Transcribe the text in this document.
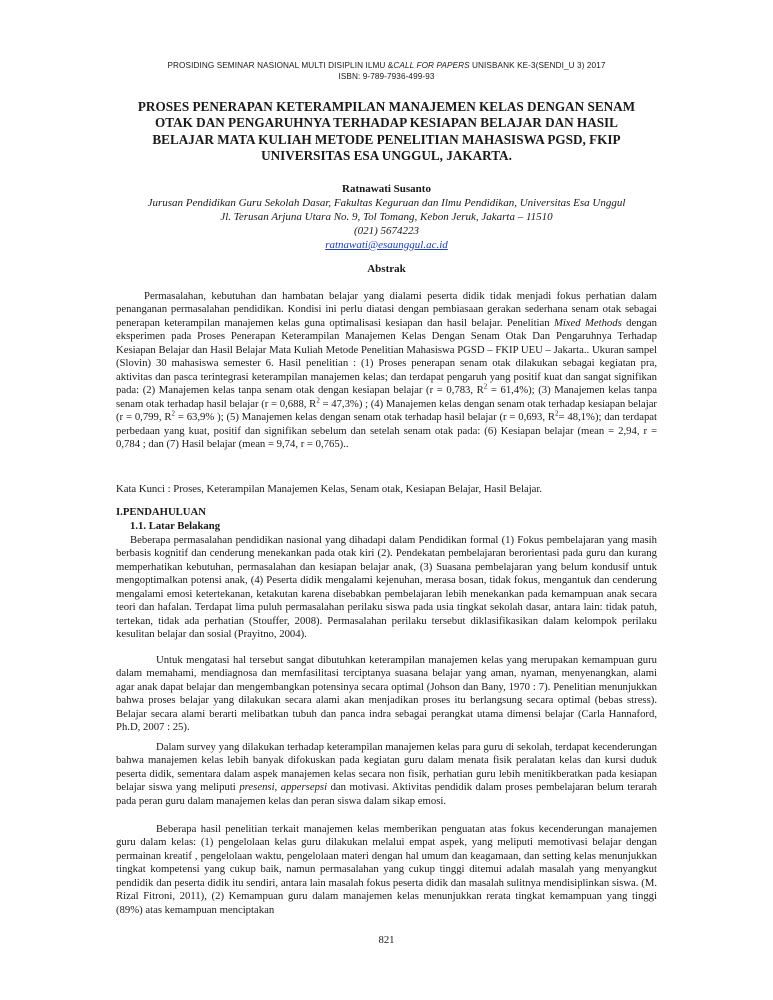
PROSIDING SEMINAR NASIONAL MULTI DISIPLIN ILMU &CALL FOR PAPERS UNISBANK KE-3(SENDI_U 3) 2017
ISBN: 9-789-7936-499-93
PROSES PENERAPAN KETERAMPILAN MANAJEMEN KELAS DENGAN SENAM
OTAK DAN PENGARUHNYA TERHADAP KESIAPAN BELAJAR DAN HASIL
BELAJAR MATA KULIAH METODE PENELITIAN MAHASISWA PGSD, FKIP
UNIVERSITAS ESA UNGGUL, JAKARTA.
Ratnawati Susanto
Jurusan Pendidikan Guru Sekolah Dasar, Fakultas Keguruan dan Ilmu Pendidikan, Universitas Esa Unggul
Jl. Terusan Arjuna Utara No. 9, Tol Tomang, Kebon Jeruk, Jakarta – 11510
(021) 5674223
ratnawati@esaunggul.ac.id
Abstrak
Permasalahan, kebutuhan dan hambatan belajar yang dialami peserta didik tidak menjadi fokus perhatian dalam penanganan permasalahan pendidikan. Kondisi ini perlu diatasi dengan pembiasaan gerakan sederhana senam otak sebagai penerapan keterampilan manajemen kelas guna optimalisasi kesiapan dan hasil belajar. Penelitian Mixed Methods dengan eksperimen pada Proses Penerapan Keterampilan Manajemen Kelas Dengan Senam Otak Dan Pengaruhnya Terhadap Kesiapan Belajar dan Hasil Belajar Mata Kuliah Metode Penelitian Mahasiswa PGSD – FKIP UEU – Jakarta.. Ukuran sampel (Slovin) 30 mahasiswa semester 6. Hasil penelitian : (1) Proses penerapan senam otak dilakukan sebagai kegiatan pra, aktivitas dan pasca terintegrasi keterampilan manajemen kelas; dan terdapat pengaruh yang positif kuat dan sangat signifikan pada: (2) Manajemen kelas tanpa senam otak dengan kesiapan belajar (r = 0,783, $R^2 = 61,4\%$); (3) Manajemen kelas tanpa senam otak terhadap hasil belajar (r = 0,688, $R^2 = 47,3\%$) ; (4) Manajemen kelas dengan senam otak terhadap kesiapan belajar (r = 0,799, $R^2 = 63,9\%$ ); (5) Manajemen kelas dengan senam otak terhadap hasil belajar (r = 0,693, $R^2= 48,1\%$); dan terdapat perbedaan yang kuat, positif dan signifikan sebelum dan setelah senam otak pada: (6) Kesiapan belajar (mean = 2,94, r = 0,784 ; dan (7) Hasil belajar (mean = 9,74, r = 0,765)..
Kata Kunci : Proses, Keterampilan Manajemen Kelas, Senam otak, Kesiapan Belajar, Hasil Belajar.
I.PENDAHULUAN
1.1. Latar Belakang
Beberapa permasalahan pendidikan nasional yang dihadapi dalam Pendidikan formal (1) Fokus pembelajaran yang masih berbasis kognitif dan cenderung menekankan pada otak kiri (2). Pendekatan pembelajaran berorientasi pada guru dan kurang memperhatikan kebutuhan, permasalahan dan kesiapan belajar anak, (3) Suasana pembelajaran yang belum kondusif untuk mengoptimalkan potensi anak, (4) Peserta didik mengalami kejenuhan, merasa bosan, tidak fokus, mengantuk dan cenderung mengalami emosi ketertekanan, ketakutan karena disebabkan pembelajaran lebih menekankan pada kemampuan anak secara teori dan hafalan. Terdapat lima puluh permasalahan perilaku siswa pada usia tingkat sekolah dasar, antara lain: tidak patuh, tertekan, tidak ada perhatian (Stouffer, 2008). Permasalahan perilaku tersebut diklasifikasikan dalam kelompok perilaku kesulitan belajar dan sosial (Prayitno, 2004).
Untuk mengatasi hal tersebut sangat dibutuhkan keterampilan manajemen kelas yang merupakan kemampuan guru dalam memahami, mendiagnosa dan memfasilitasi terciptanya suasana belajar yang aman, nyaman, menyenangkan, alami agar anak dapat belajar dan mengembangkan potensinya secara optimal (Johson dan Bany, 1970 : 7). Penelitian menunjukkan bahwa proses belajar yang dilakukan secara alami akan menjadikan proses itu berlangsung secara optimal (bebas stress). Belajar secara alami berarti melibatkan tubuh dan panca indra sebagai perangkat utama dimensi belajar (Carla Hannaford, Ph.D, 2007 : 25).
Dalam survey yang dilakukan terhadap keterampilan manajemen kelas para guru di sekolah, terdapat kecenderungan bahwa manajemen kelas lebih banyak difokuskan pada kegiatan guru dalam menata fisik peralatan kelas dan kursi duduk peserta didik, sementara dalam aspek manajemen kelas secara non fisik, perhatian guru lebih menitikberatkan pada kesiapan belajar siswa yang meliputi presensi, appersepsi dan motivasi. Aktivitas pendidik dalam proses pembelajaran belum terarah pada peran guru dalam manajemen kelas dan peran siswa dalam sikap emosi.
Beberapa hasil penelitian terkait manajemen kelas memberikan penguatan atas fokus kecenderungan manajemen guru dalam kelas: (1) pengelolaan kelas guru dilakukan melalui empat aspek, yang meliputi memotivasi belajar dengan permainan kreatif , pengelolaan waktu, pengelolaan materi dengan hal umum dan keagamaan, dan setting kelas menunjukkan tingkat kompetensi yang cukup baik, namun permasalahan yang cukup tinggi ditemui adalah masalah yang menyangkut pendidik dan peserta didik itu sendiri, antara lain masalah fokus peserta didik dan masalah sulitnya mendisiplinkan siswa. (M. Rizal Fitroni, 2011), (2) Kemampuan guru dalam manajemen kelas menunjukkan rerata tingkat kemampuan yang tinggi (89%) atas kemampuan menciptakan
821
